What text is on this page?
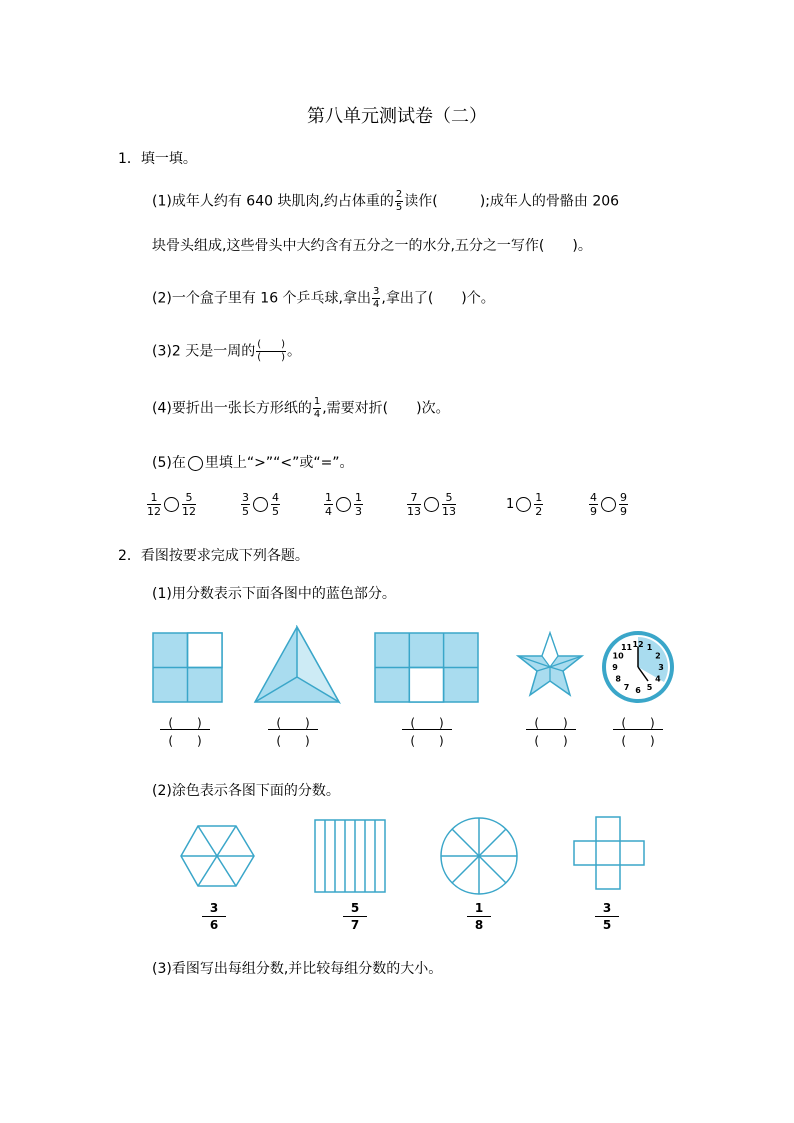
第八单元测试卷（二）
1．填一填。
(1)成年人约有 640 块肌肉,约占体重的 $\frac{2}{5}$ 读作(　　　);成年人的骨骼由 206
块骨头组成,这些骨头中大约含有五分之一的水分,五分之一写作(　　)。
(2)一个盒子里有 16 个乒乓球,拿出 $\frac{3}{4}$ ,拿出了(　　)个。
(3)2 天是一周的 $\frac{( )}{( )}$ 。
(4)要折出一张长方形纸的 $\frac{1}{4}$ ,需要对折(　　)次。
(5)在 里填上“>”“<”或“=”。
$\frac{1}{12} \frac{5}{12}$	$\frac{3}{5} \frac{4}{5}$	$\frac{1}{4} \frac{1}{3}$	$\frac{7}{13} \frac{5}{13}$	$1 \frac{1}{2}$	$\frac{4}{9} \frac{9}{9}$
2．看图按要求完成下列各题。
(1)用分数表示下面各图中的蓝色部分。
12 1
2
3
4
5
6
7
8
9
10
11
(　　)
(　　)
(　　)
(　　)
(　　)
(　　)
(　　)
(　　)
(　　)
(　　)
(2)涂色表示各图下面的分数。
3
6
5
7
1
8
3
5
(3)看图写出每组分数,并比较每组分数的大小。
